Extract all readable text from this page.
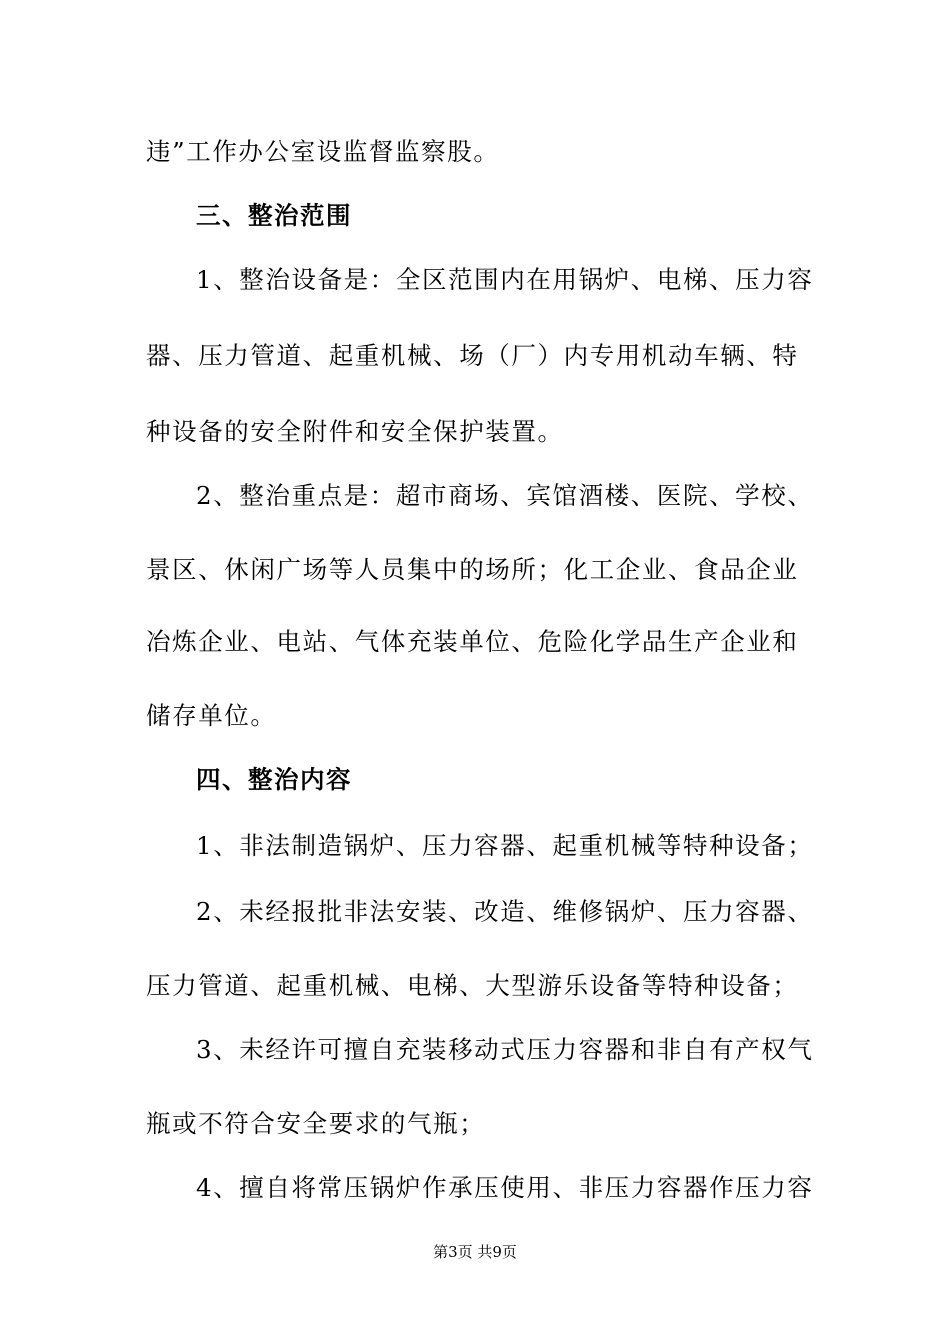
违”工作办公室设监督监察股。
三、整治范围
1、整治设备是：全区范围内在用锅炉、电梯、压力容
器、压力管道、起重机械、场（厂）内专用机动车辆、特
种设备的安全附件和安全保护装置。
2、整治重点是：超市商场、宾馆酒楼、医院、学校、
景区、休闲广场等人员集中的场所；化工企业、食品企业
冶炼企业、电站、气体充装单位、危险化学品生产企业和
储存单位。
四、整治内容
1、非法制造锅炉、压力容器、起重机械等特种设备；
2、未经报批非法安装、改造、维修锅炉、压力容器、
压力管道、起重机械、电梯、大型游乐设备等特种设备；
3、未经许可擅自充装移动式压力容器和非自有产权气
瓶或不符合安全要求的气瓶；
4、擅自将常压锅炉作承压使用、非压力容器作压力容
第3页 共9页
